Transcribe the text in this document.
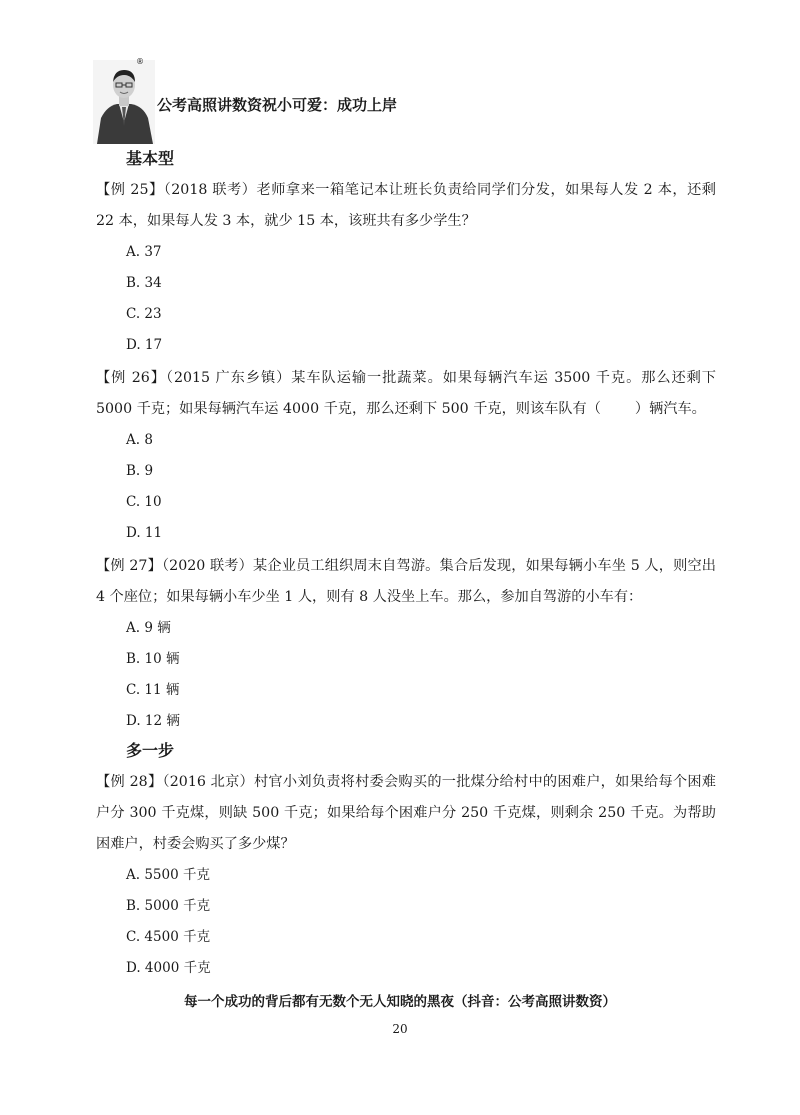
®
公考高照讲数资祝小可爱：成功上岸
基本型
【例 25】（2018 联考）老师拿来一箱笔记本让班长负责给同学们分发，如果每人发 2 本，还剩 22 本，如果每人发 3 本，就少 15 本，该班共有多少学生？
A. 37
B. 34
C. 23
D. 17
【例 26】（2015 广东乡镇）某车队运输一批蔬菜。如果每辆汽车运 3500 千克。那么还剩下 5000 千克；如果每辆汽车运 4000 千克，那么还剩下 500 千克，则该车队有（ ）辆汽车。
A. 8
B. 9
C. 10
D. 11
【例 27】（2020 联考）某企业员工组织周末自驾游。集合后发现，如果每辆小车坐 5 人，则空出 4 个座位；如果每辆小车少坐 1 人，则有 8 人没坐上车。那么，参加自驾游的小车有：
A. 9 辆
B. 10 辆
C. 11 辆
D. 12 辆
多一步
【例 28】（2016 北京）村官小刘负责将村委会购买的一批煤分给村中的困难户，如果给每个困难户分 300 千克煤，则缺 500 千克；如果给每个困难户分 250 千克煤，则剩余 250 千克。为帮助困难户，村委会购买了多少煤？
A. 5500 千克
B. 5000 千克
C. 4500 千克
D. 4000 千克
每一个成功的背后都有无数个无人知晓的黑夜（抖音：公考高照讲数资）
20
